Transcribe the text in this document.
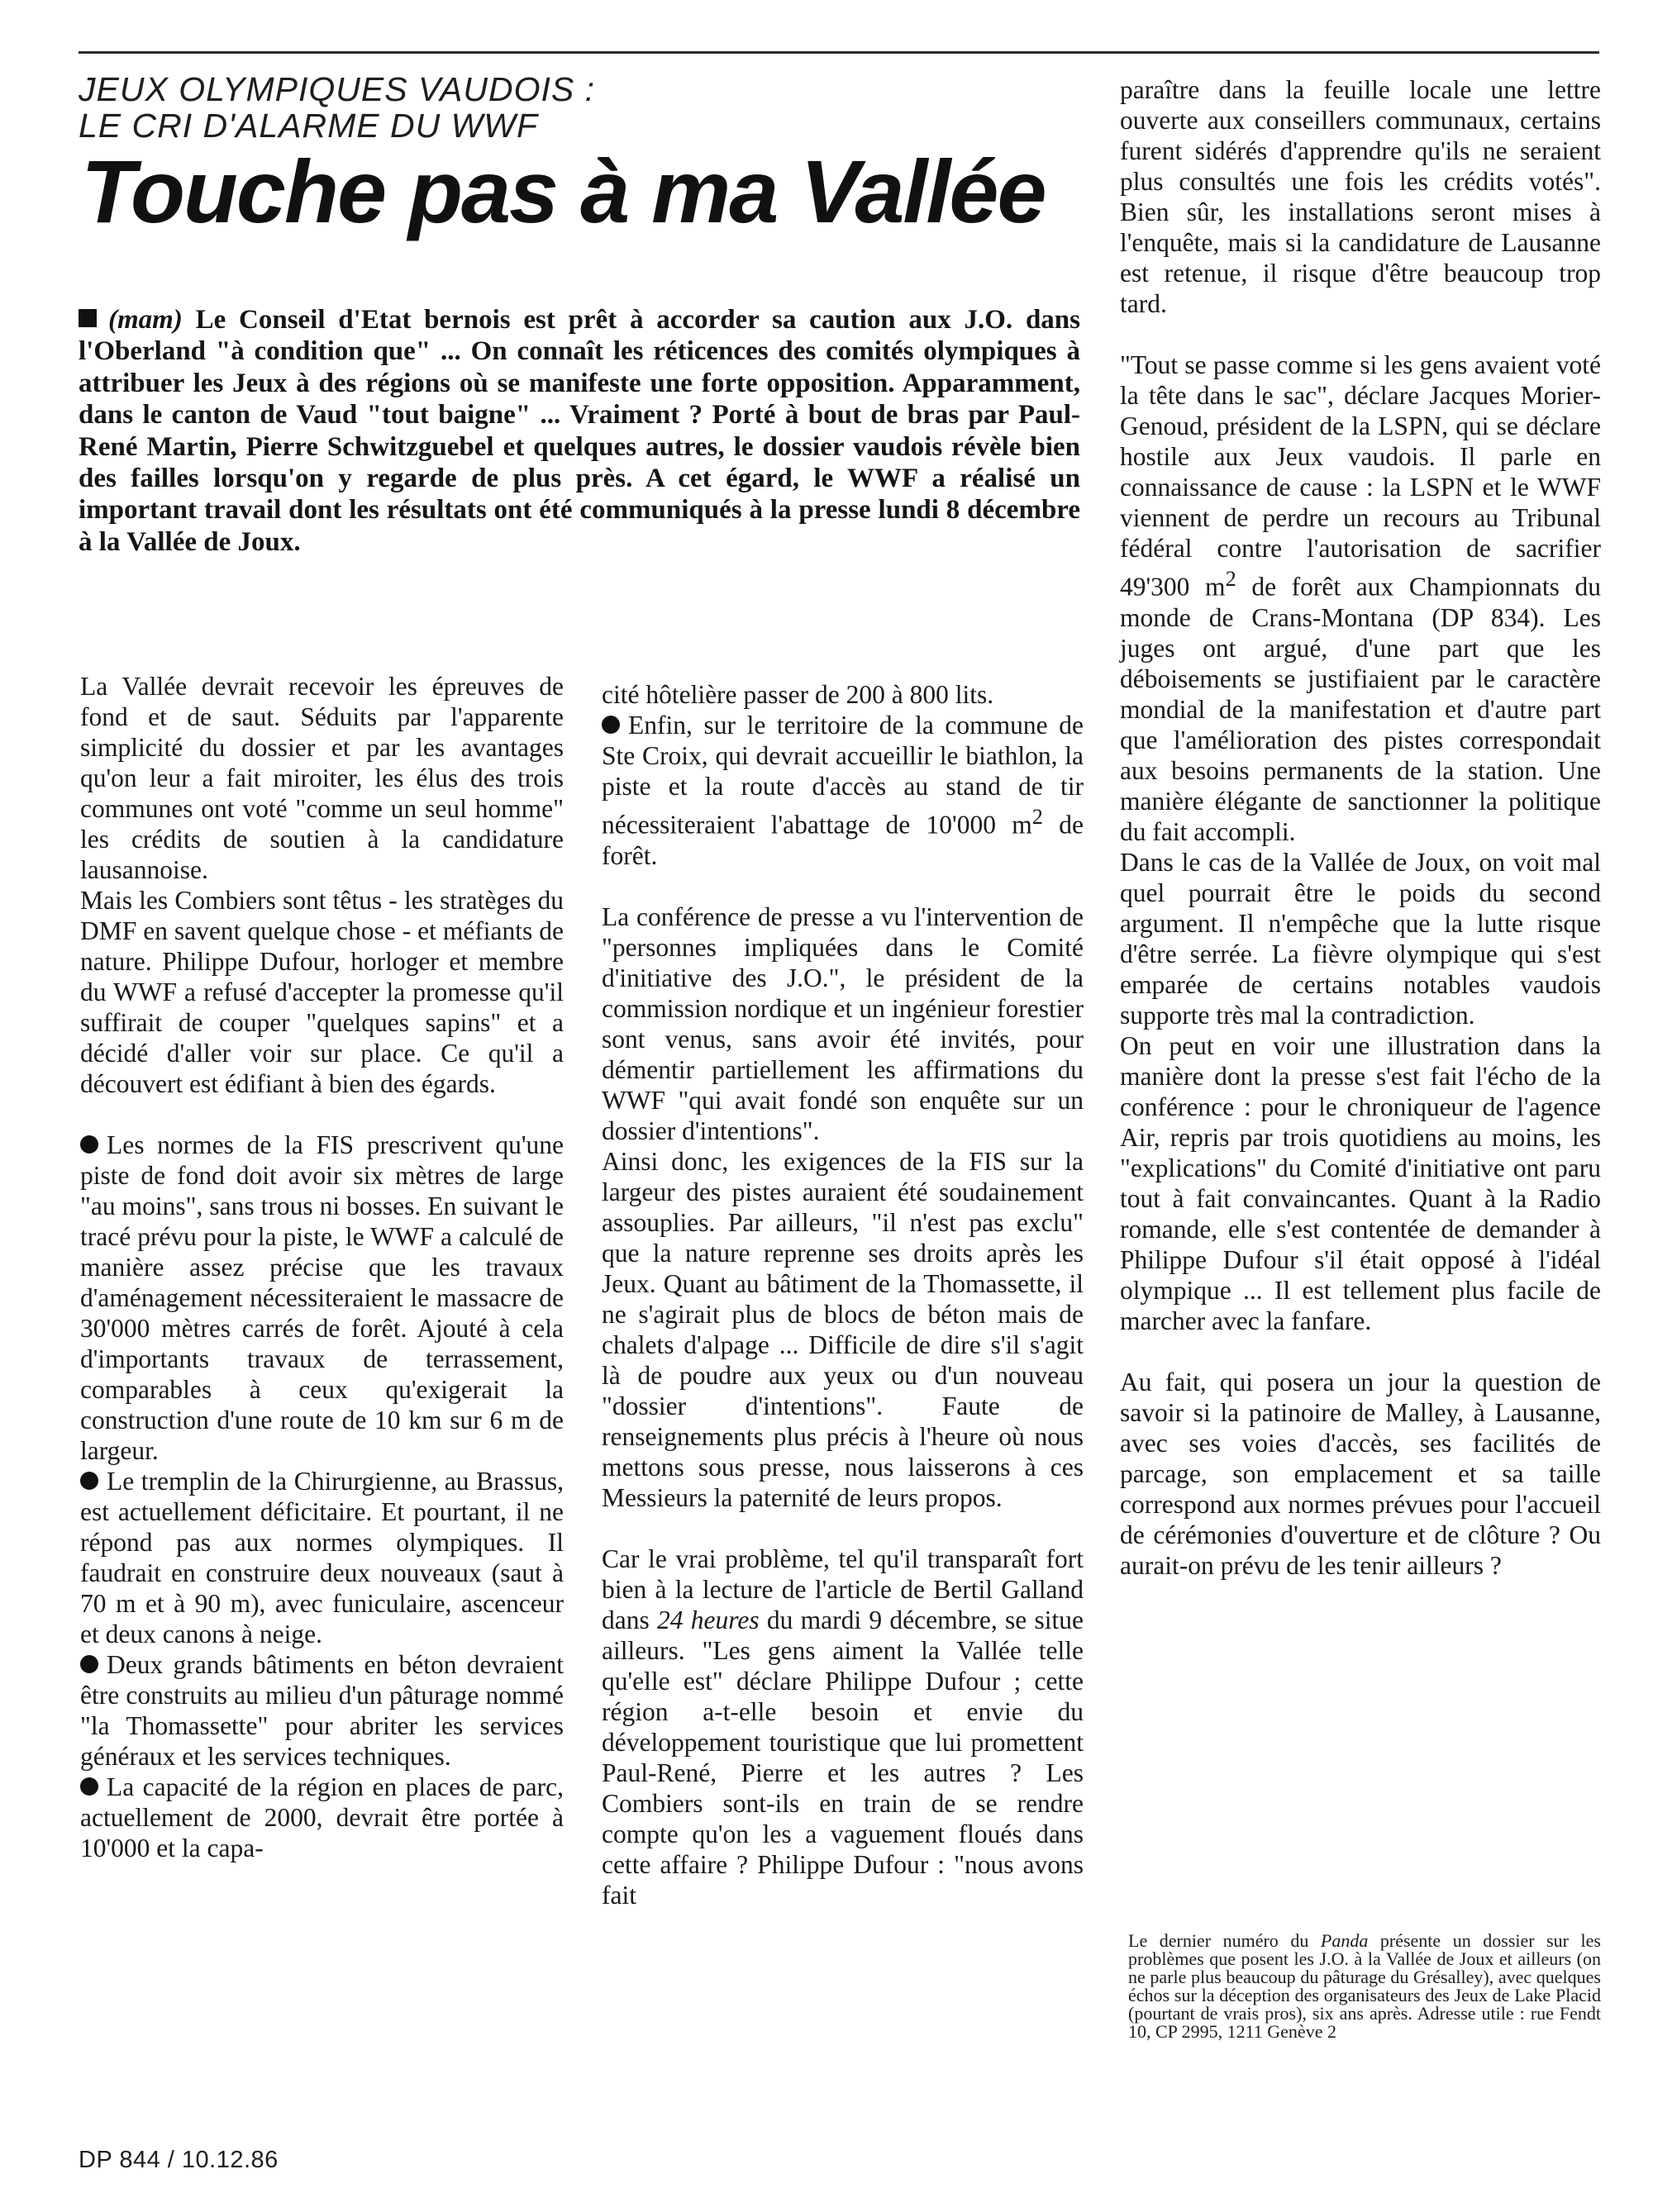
JEUX OLYMPIQUES VAUDOIS :
LE CRI D'ALARME DU WWF
Touche pas à ma Vallée
(mam) Le Conseil d'Etat bernois est prêt à accorder sa caution aux J.O. dans l'Oberland "à condition que" ... On connaît les réticences des comités olympiques à attribuer les Jeux à des régions où se manifeste une forte opposition. Apparamment, dans le canton de Vaud "tout baigne" ... Vraiment ? Porté à bout de bras par Paul-René Martin, Pierre Schwitzguebel et quelques autres, le dossier vaudois révèle bien des failles lorsqu'on y regarde de plus près. A cet égard, le WWF a réalisé un important travail dont les résultats ont été communiqués à la presse lundi 8 décembre à la Vallée de Joux.

La Vallée devrait recevoir les épreuves de fond et de saut. Séduits par l'apparente simplicité du dossier et par les avantages qu'on leur a fait miroiter, les élus des trois communes ont voté "comme un seul homme" les crédits de soutien à la candidature lausannoise.

Mais les Combiers sont têtus - les stratèges du DMF en savent quelque chose - et méfiants de nature. Philippe Dufour, horloger et membre du WWF a refusé d'accepter la promesse qu'il suffirait de couper "quelques sapins" et a décidé d'aller voir sur place. Ce qu'il a découvert est édifiant à bien des égards.

Les normes de la FIS prescrivent qu'une piste de fond doit avoir six mètres de large "au moins", sans trous ni bosses. En suivant le tracé prévu pour la piste, le WWF a calculé de manière assez précise que les travaux d'aménagement nécessiteraient le massacre de 30'000 mètres carrés de forêt. Ajouté à cela d'importants travaux de terrassement, comparables à ceux qu'exigerait la construction d'une route de 10 km sur 6 m de largeur.

Le tremplin de la Chirurgienne, au Brassus, est actuellement déficitaire. Et pourtant, il ne répond pas aux normes olympiques. Il faudrait en construire deux nouveaux (saut à 70 m et à 90 m), avec funiculaire, ascenceur et deux canons à neige.

Deux grands bâtiments en béton devraient être construits au milieu d'un pâturage nommé "la Thomassette" pour abriter les services généraux et les services techniques.

La capacité de la région en places de parc, actuellement de 2000, devrait être portée à 10'000 et la capa-

cité hôtelière passer de 200 à 800 lits.

Enfin, sur le territoire de la commune de Ste Croix, qui devrait accueillir le biathlon, la piste et la route d'accès au stand de tir nécessiteraient l'abattage de 10'000 $m^2$ de forêt.

La conférence de presse a vu l'intervention de "personnes impliquées dans le Comité d'initiative des J.O.", le président de la commission nordique et un ingénieur forestier sont venus, sans avoir été invités, pour démentir partiellement les affirmations du WWF "qui avait fondé son enquête sur un dossier d'intentions".

Ainsi donc, les exigences de la FIS sur la largeur des pistes auraient été soudainement assouplies. Par ailleurs, "il n'est pas exclu" que la nature reprenne ses droits après les Jeux. Quant au bâtiment de la Thomassette, il ne s'agirait plus de blocs de béton mais de chalets d'alpage ... Difficile de dire s'il s'agit là de poudre aux yeux ou d'un nouveau "dossier d'intentions". Faute de renseignements plus précis à l'heure où nous mettons sous presse, nous laisserons à ces Messieurs la paternité de leurs propos.

Car le vrai problème, tel qu'il transparaît fort bien à la lecture de l'article de Bertil Galland dans 24 heures du mardi 9 décembre, se situe ailleurs. "Les gens aiment la Vallée telle qu'elle est" déclare Philippe Dufour ; cette région a-t-elle besoin et envie du développement touristique que lui promettent Paul-René, Pierre et les autres ? Les Combiers sont-ils en train de se rendre compte qu'on les a vaguement floués dans cette affaire ? Philippe Dufour : "nous avons fait

paraître dans la feuille locale une lettre ouverte aux conseillers communaux, certains furent sidérés d'apprendre qu'ils ne seraient plus consultés une fois les crédits votés". Bien sûr, les installations seront mises à l'enquête, mais si la candidature de Lausanne est retenue, il risque d'être beaucoup trop tard.

"Tout se passe comme si les gens avaient voté la tête dans le sac", déclare Jacques Morier-Genoud, président de la LSPN, qui se déclare hostile aux Jeux vaudois. Il parle en connaissance de cause : la LSPN et le WWF viennent de perdre un recours au Tribunal fédéral contre l'autorisation de sacrifier 49'300 $m^2$ de forêt aux Championnats du monde de Crans-Montana (DP 834). Les juges ont argué, d'une part que les déboisements se justifiaient par le caractère mondial de la manifestation et d'autre part que l'amélioration des pistes correspondait aux besoins permanents de la station. Une manière élégante de sanctionner la politique du fait accompli.

Dans le cas de la Vallée de Joux, on voit mal quel pourrait être le poids du second argument. Il n'empêche que la lutte risque d'être serrée. La fièvre olympique qui s'est emparée de certains notables vaudois supporte très mal la contradiction.

On peut en voir une illustration dans la manière dont la presse s'est fait l'écho de la conférence : pour le chroniqueur de l'agence Air, repris par trois quotidiens au moins, les "explications" du Comité d'initiative ont paru tout à fait convaincantes. Quant à la Radio romande, elle s'est contentée de demander à Philippe Dufour s'il était opposé à l'idéal olympique ... Il est tellement plus facile de marcher avec la fanfare.

Au fait, qui posera un jour la question de savoir si la patinoire de Malley, à Lausanne, avec ses voies d'accès, ses facilités de parcage, son emplacement et sa taille correspond aux normes prévues pour l'accueil de cérémonies d'ouverture et de clôture ? Ou aurait-on prévu de les tenir ailleurs ?

Le dernier numéro du Panda présente un dossier sur les problèmes que posent les J.O. à la Vallée de Joux et ailleurs (on ne parle plus beaucoup du pâturage du Grésalley), avec quelques échos sur la déception des organisateurs des Jeux de Lake Placid (pourtant de vrais pros), six ans après. Adresse utile : rue Fendt 10, CP 2995, 1211 Genève 2
DP 844 / 10.12.86
